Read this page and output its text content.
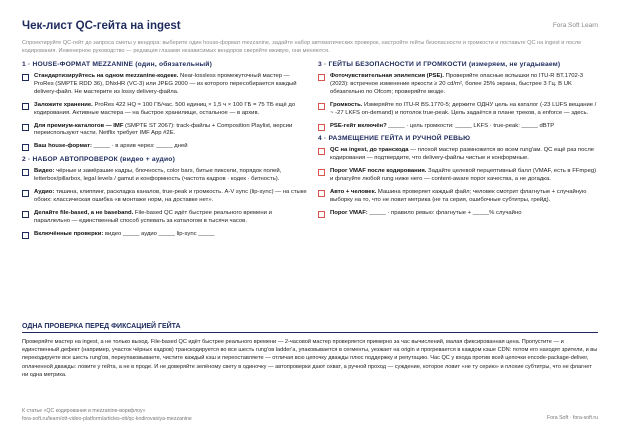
Чек-лист QC-гейта на ingest	Fora Soft Learn
Спроектируйте QC-гейт до запроса сметы у вендора: выберите один house-формат mezzanine, задайте набор автоматических проверок, настройте гейты безопасности и громкости и поставьте QC на ingest и после кодирования. Инженерное руководство — редакция глазами независимых вендоров сверяйте вживую, они меняются.
1 · HOUSE-ФОРМАТ MEZZANINE (один, обязательный)
Стандартизируйтесь на одном mezzanine-кодеке. Near-lossless промежуточный мастер — ProRes (SMPTE RDD 36), DNxHR (VC-3) или JPEG 2000 — из которого пересобирается каждый delivery-файл. Не мастерите из lossy delivery-файла.
Заложите хранение. ProRes 422 HQ ≈ 100 ГБ/час. 500 единиц × 1,5 ч × 100 ГБ = 75 ТБ ещё до кодирования. Активные мастера — на быстрое хранилище, остальное — в архив.
Для премиум-каталогов — IMF (SMPTE ST 2067): track-файлы + Composition Playlist, версии переиспользуют части. Netflix требует IMF App #2E.
Ваш house-формат: _____ · в архив через: _____ дней
2 · НАБОР АВТОПРОВЕРОК (видео + аудио)
Видео: чёрные и замёрзшие кадры, блочность, color bars, битые пиксели, порядок полей, letterbox/pillarbox, legal levels / gamut и конформность (частота кадров · кодек · битность).
Аудио: тишина, клиппинг, раскладка каналов, true-peak и громкость. A-V sync (lip-sync) — на стыке обоих: классическая ошибка «в монтаже норм, на доставке нет».
Делайте file-based, а не baseband. File-based QC идёт быстрее реального времени и параллельно — единственный способ успевать за каталогом в тысячи часов.
Включённые проверки: видео _____ аудио _____ lip-sync _____
3 · ГЕЙТЫ БЕЗОПАСНОСТИ И ГРОМКОСТИ (измеряем, не угадываем)
Фоточувствительная эпилепсия (PSE). Проверяйте опасные вспышки по ITU-R BT.1702-3 (2023): встречное изменение яркости ≥ 20 cd/m², более 25% экрана, быстрее 3 Гц. В UK обязательно по Ofcom; проверяйте везде.
Громкость. Измеряйте по ITU-R BS.1770-5; держите ОДНУ цель на каталог (-23 LUFS вещание / ~ -27 LKFS on-demand) и потолок true-peak. Цель задаётся в плане треков, а enforce — здесь.
PSE-гейт включён? _____ · цель громкости: _____ LKFS · true-peak: _____ dBTP
4 · РАЗМЕЩЕНИЕ ГЕЙТА И РУЧНОЙ РЕВЬЮ
QC на ingest, до транскода — плохой мастер размножится во всем rung'ам. QC ещё раз после кодирования — подтвердите, что delivery-файлы чистые и конформные.
Порог VMAF после кодирования. Задайте целевой перцептивный балл (VMAF, есть в FFmpeg) и флагуйте любой rung ниже него — content-aware порог качества, а не догадка.
Авто + человек. Машина проверяет каждый файл; человек смотрит флагнутые + случайную выборку на то, что не ловит метрика (не та серия, ошибочные субтитры, грейд).
Порог VMAF: _____ · правило ревью: флагнутые + _____% случайно
ОДНА ПРОВЕРКА ПЕРЕД ФИКСАЦИЕЙ ГЕЙТА
Проверяйте мастер на ingest, а не только выход. File-based QC идёт быстрее реального времени — 2-часовой мастер проверяется примерно за час вычислений, малая фиксированная цена. Пропустите — и единственный дефект (например, участок чёрных кадров) транскодируется во все шесть rung'ов ladder'а, упаковывается в сегменты, уезжает на origin и прогревается в каждом кэше CDN: потом его находят зрители, и вы перекодируете все шесть rung'ов, переупаковываете, чистите каждый кэш и переоставляете — отличая всю цепочку дважды плюс поддержку и репутацию. Час QC у входа против всей цепочки encode-package-deliver, оплаченной дважды: ловите у гейта, а не в проде. И не доверяйте зелёному свету в одиночку — автопроверки дают охват, а ручной проход — суждение, которое ловит «не ту серию» и плохие субтитры, что не флагнет ни одна метрика.
К статье «QC кодирования и mezzanine-воркфлоу»
fora-soft.ru/learn/ott-video-platform/articles-ott/qc-kodirovaniya-mezzanine	Fora Soft · fora-soft.ru
